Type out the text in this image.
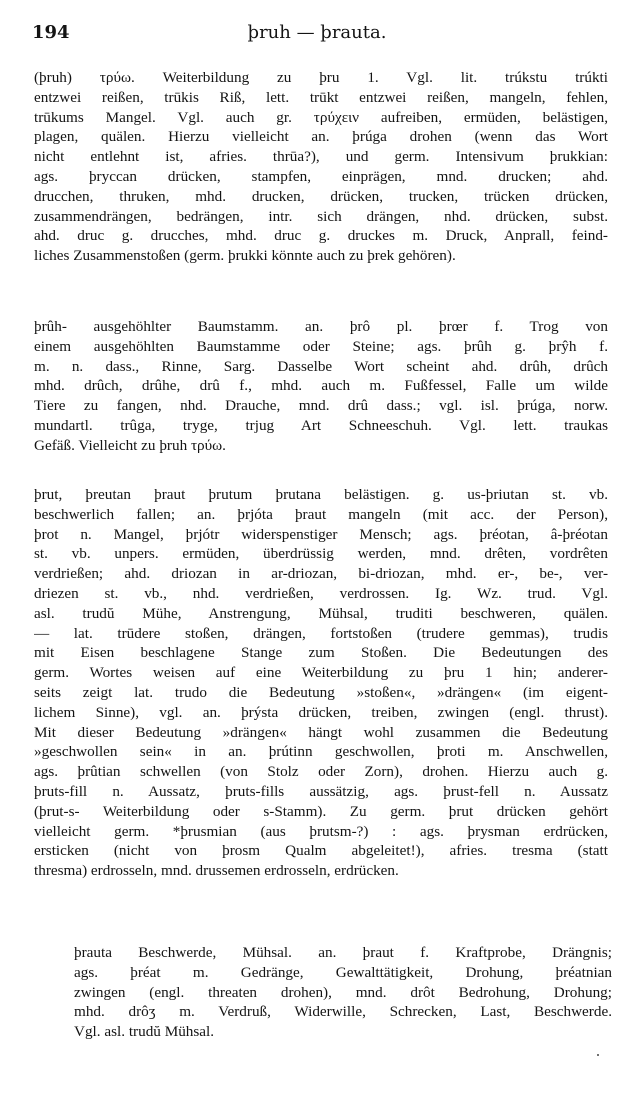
194	þruh — þrauta.
(þruh) τρύω. Weiterbildung zu þru 1. Vgl. lit. trúkstu trúkti
entzwei reißen, trūkis Riß, lett. trūkt entzwei reißen, mangeln, fehlen,
trūkums Mangel. Vgl. auch gr. τρύχειν aufreiben, ermüden, belästigen,
plagen, quälen. Hierzu vielleicht an. þrúga drohen (wenn das Wort
nicht entlehnt ist, afries. thrūa?), und germ. Intensivum þrukkian:
ags. þryccan drücken, stampfen, einprägen, mnd. drucken; ahd.
drucchen, thruken, mhd. drucken, drücken, trucken, trücken drücken,
zusammendrängen, bedrängen, intr. sich drängen, nhd. drücken, subst.
ahd. druc g. drucches, mhd. druc g. druckes m. Druck, Anprall, feind-
liches Zusammenstoßen (germ. þrukki könnte auch zu þrek gehören).
þrûh- ausgehöhlter Baumstamm. an. þrô pl. þrœr f. Trog von
einem ausgehöhlten Baumstamme oder Steine; ags. þrûh g. þrŷh f.
m. n. dass., Rinne, Sarg. Dasselbe Wort scheint ahd. drûh, drûch
mhd. drûch, drûhe, drû f., mhd. auch m. Fußfessel, Falle um wilde
Tiere zu fangen, nhd. Drauche, mnd. drû dass.; vgl. isl. þrúga, norw.
mundartl. trûga, tryge, trjug Art Schneeschuh. Vgl. lett. traukas
Gefäß. Vielleicht zu þruh τρύω.
þrut, þreutan þraut þrutum þrutana belästigen. g. us-þriutan st. vb.
beschwerlich fallen; an. þrjóta þraut mangeln (mit acc. der Person),
þrot n. Mangel, þrjótr widerspenstiger Mensch; ags. þréotan, â-þréotan
st. vb. unpers. ermüden, überdrüssig werden, mnd. drêten, vordrêten
verdrießen; ahd. driozan in ar-driozan, bi-driozan, mhd. er-, be-, ver-
driezen st. vb., nhd. verdrießen, verdrossen. Ig. Wz. trud. Vgl.
asl. trudŭ Mühe, Anstrengung, Mühsal, truditi beschweren, quälen.
— lat. trūdere stoßen, drängen, fortstoßen (trudere gemmas), trudis
mit Eisen beschlagene Stange zum Stoßen. Die Bedeutungen des
germ. Wortes weisen auf eine Weiterbildung zu þru 1 hin; anderer-
seits zeigt lat. trudo die Bedeutung »stoßen«, »drängen« (im eigent-
lichem Sinne), vgl. an. þrýsta drücken, treiben, zwingen (engl. thrust).
Mit dieser Bedeutung »drängen« hängt wohl zusammen die Bedeutung
»geschwollen sein« in an. þrútinn geschwollen, þroti m. Anschwellen,
ags. þrûtian schwellen (von Stolz oder Zorn), drohen. Hierzu auch g.
þruts-fill n. Aussatz, þruts-fills aussätzig, ags. þrust-fell n. Aussatz
(þrut-s- Weiterbildung oder s-Stamm). Zu germ. þrut drücken gehört
vielleicht germ. *þrusmian (aus þrutsm-?) : ags. þrysman erdrücken,
ersticken (nicht von þrosm Qualm abgeleitet!), afries. tresma (statt
thresma) erdrosseln, mnd. drussemen erdrosseln, erdrücken.
þrauta Beschwerde, Mühsal. an. þraut f. Kraftprobe, Drängnis;
ags. þréat m. Gedränge, Gewalttätigkeit, Drohung, þréatnian
zwingen (engl. threaten drohen), mnd. drôt Bedrohung, Drohung;
mhd. drôʒ m. Verdruß, Widerwille, Schrecken, Last, Beschwerde.
Vgl. asl. trudŭ Mühsal.
